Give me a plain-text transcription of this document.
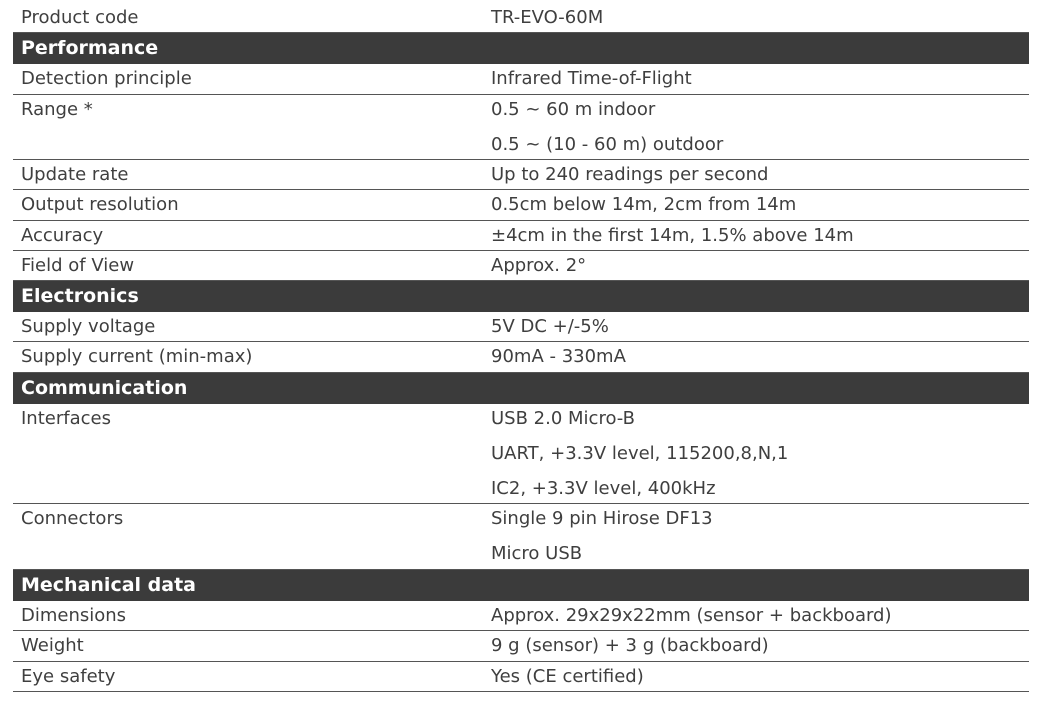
Product code	TR-EVO-60M
Performance
Detection principle	Infrared Time-of-Flight
Range *	0.5 ~ 60 m indoor
0.5 ~ (10 - 60 m) outdoor
Update rate	Up to 240 readings per second
Output resolution	0.5cm below 14m, 2cm from 14m
Accuracy	±4cm in the first 14m, 1.5% above 14m
Field of View	Approx. 2°
Electronics
Supply voltage	5V DC +/-5%
Supply current (min-max)	90mA - 330mA
Communication
Interfaces	USB 2.0 Micro-B
UART, +3.3V level, 115200,8,N,1
IC2, +3.3V level, 400kHz
Connectors	Single 9 pin Hirose DF13
Micro USB
Mechanical data
Dimensions	Approx. 29x29x22mm (sensor + backboard)
Weight	9 g (sensor) + 3 g (backboard)
Eye safety	Yes (CE certified)
